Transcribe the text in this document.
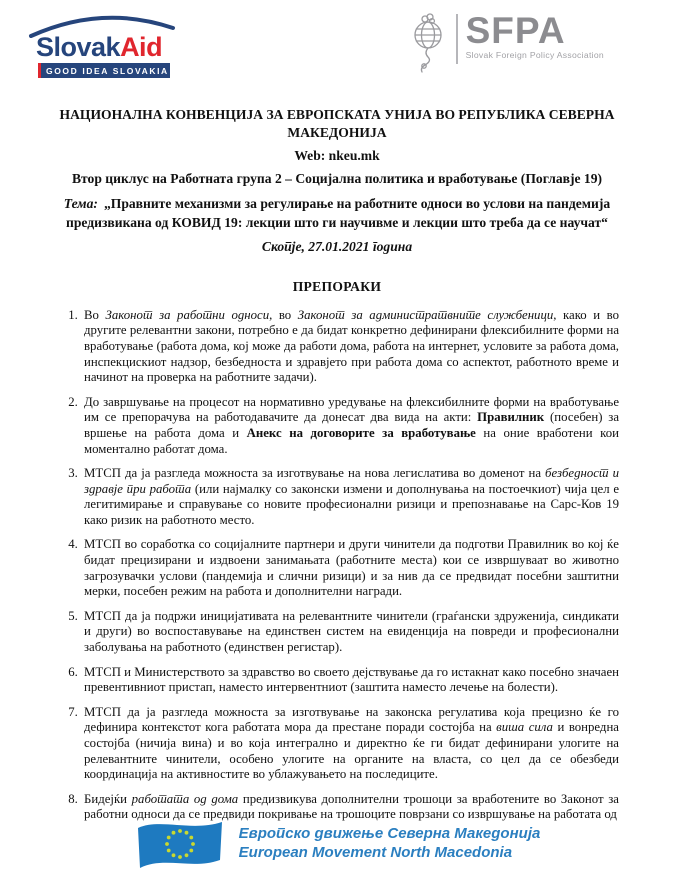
SlovakAid
GOOD IDEA SLOVAKIA
SFPA
Slovak Foreign Policy Association
НАЦИОНАЛНА КОНВЕНЦИЈА ЗА ЕВРОПСКАТА УНИЈА ВО РЕПУБЛИКА СЕВЕРНА МАКЕДОНИЈА
Web: nkeu.mk
Втор циклус на Работната група 2 – Социјална политика и вработување (Поглавје 19)
Тема: „Правните механизми за регулирање на работните односи во услови на пандемија предизвикана од КОВИД 19: лекции што ги научивме и лекции што треба да се научат“
Скопје, 27.01.2021 година
ПРЕПОРАКИ
1. Во Законот за работни односи, во Законот за администратвните службеници, како и во другите релевантни закони, потребно е да бидат конкретно дефинирани флексибилните форми на вработување (работа дома, кој може да работи дома, работа на интернет, условите за работа дома, инспекцискиот надзор, безбедноста и здравјето при работа дома со аспектот, работното време и начинот на проверка на работните задачи).
2. До завршување на процесот на нормативно уредување на флексибилните форми на вработување им се препорачува на работодавачите да донесат два вида на акти: Правилник (посебен) за вршење на работа дома и Анекс на договорите за вработување на оние вработени кои моментално работат дома.
3. МТСП да ја разгледа можноста за изготвување на нова легислатива во доменот на безбедност и здравје при работа (или најмалку со законски измени и дополнувања на постоечкиот) чија цел е легитимирање и справување со новите професионални ризици и препознавање на Сарс-Ков 19 како ризик на работното место.
4. МТСП во соработка со социјалните партнери и други чинители да подготви Правилник во кој ќе бидат прецизирани и издвоени занимањата (работните места) кои се извршуваат во животно загрозувачки услови (пандемија и слични ризици) и за нив да се предвидат посебни заштитни мерки, посебен режим на работа и дополнителни награди.
5. МТСП да ја подржи иницијативата на релевантните чинители (граѓански здруженија, синдикати и други) во воспоставување на единствен систем на евиденција на повреди и професионални заболувања на работното (единствен регистар).
6. МТСП и Министерството за здравство во своето дејствување да го истакнат како посебно значаен превентивниот пристап, наместо интервентниот (заштита наместо лечење на болести).
7. МТСП да ја разгледа можноста за изготвување на законска регулатива која прецизно ќе го дефинира контекстот кога работата мора да престане поради состојба на виша сила и вонредна состојба (ничија вина) и во која интегрално и директно ќе ги бидат дефинирани улогите на релевантните чинители, особено улогите на органите на власта, со цел да се обезбеди координација на активностите во ублажувањето на последиците.
8. Бидејќи работата од дома предизвикува дополнителни трошоци за вработените во Законот за работни односи да се предвиди покривање на трошоците поврзани со извршување на работата од
Европско движење Северна Македонија
European Movement North Macedonia
